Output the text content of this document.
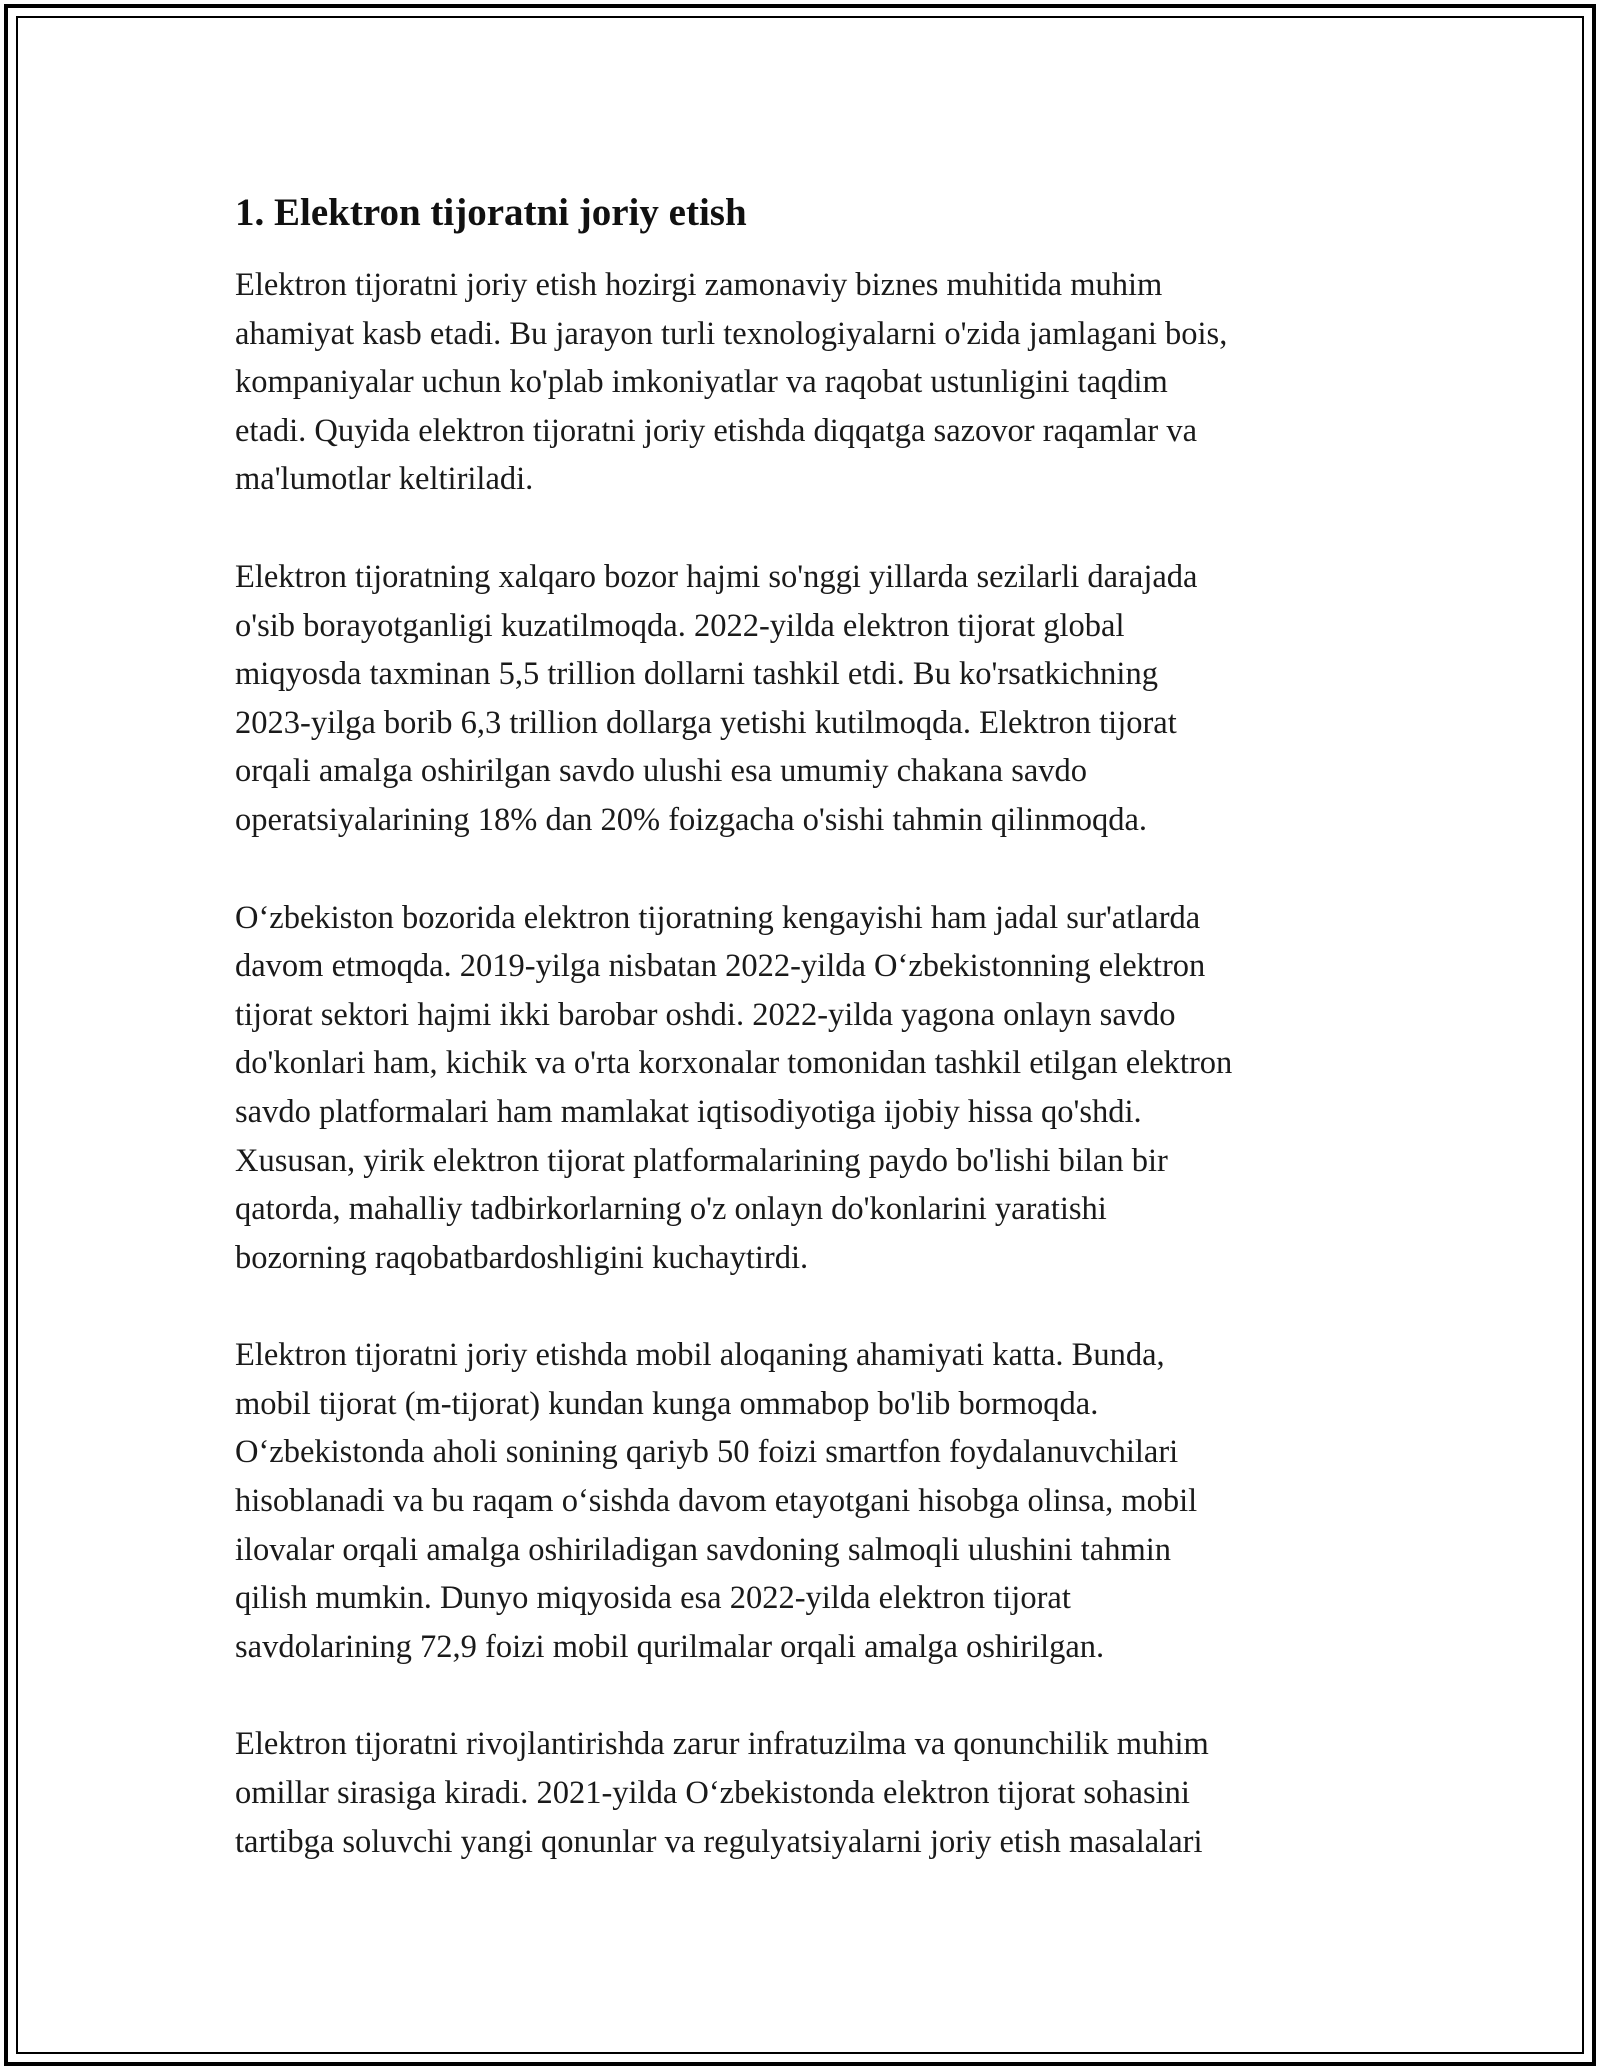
1. Elektron tijoratni joriy etish

Elektron tijoratni joriy etish hozirgi zamonaviy biznes muhitida muhim
ahamiyat kasb etadi. Bu jarayon turli texnologiyalarni o'zida jamlagani bois,
kompaniyalar uchun ko'plab imkoniyatlar va raqobat ustunligini taqdim
etadi. Quyida elektron tijoratni joriy etishda diqqatga sazovor raqamlar va
ma'lumotlar keltiriladi.

Elektron tijoratning xalqaro bozor hajmi so'nggi yillarda sezilarli darajada
o'sib borayotganligi kuzatilmoqda. 2022-yilda elektron tijorat global
miqyosda taxminan 5,5 trillion dollarni tashkil etdi. Bu ko'rsatkichning
2023-yilga borib 6,3 trillion dollarga yetishi kutilmoqda. Elektron tijorat
orqali amalga oshirilgan savdo ulushi esa umumiy chakana savdo
operatsiyalarining 18% dan 20% foizgacha o'sishi tahmin qilinmoqda.

O‘zbekiston bozorida elektron tijoratning kengayishi ham jadal sur'atlarda
davom etmoqda. 2019-yilga nisbatan 2022-yilda O‘zbekistonning elektron
tijorat sektori hajmi ikki barobar oshdi. 2022-yilda yagona onlayn savdo
do'konlari ham, kichik va o'rta korxonalar tomonidan tashkil etilgan elektron
savdo platformalari ham mamlakat iqtisodiyotiga ijobiy hissa qo'shdi.
Xususan, yirik elektron tijorat platformalarining paydo bo'lishi bilan bir
qatorda, mahalliy tadbirkorlarning o'z onlayn do'konlarini yaratishi
bozorning raqobatbardoshligini kuchaytirdi.

Elektron tijoratni joriy etishda mobil aloqaning ahamiyati katta. Bunda,
mobil tijorat (m-tijorat) kundan kunga ommabop bo'lib bormoqda.
O‘zbekistonda aholi sonining qariyb 50 foizi smartfon foydalanuvchilari
hisoblanadi va bu raqam o‘sishda davom etayotgani hisobga olinsa, mobil
ilovalar orqali amalga oshiriladigan savdoning salmoqli ulushini tahmin
qilish mumkin. Dunyo miqyosida esa 2022-yilda elektron tijorat
savdolarining 72,9 foizi mobil qurilmalar orqali amalga oshirilgan.

Elektron tijoratni rivojlantirishda zarur infratuzilma va qonunchilik muhim
omillar sirasiga kiradi. 2021-yilda O‘zbekistonda elektron tijorat sohasini
tartibga soluvchi yangi qonunlar va regulyatsiyalarni joriy etish masalalari
